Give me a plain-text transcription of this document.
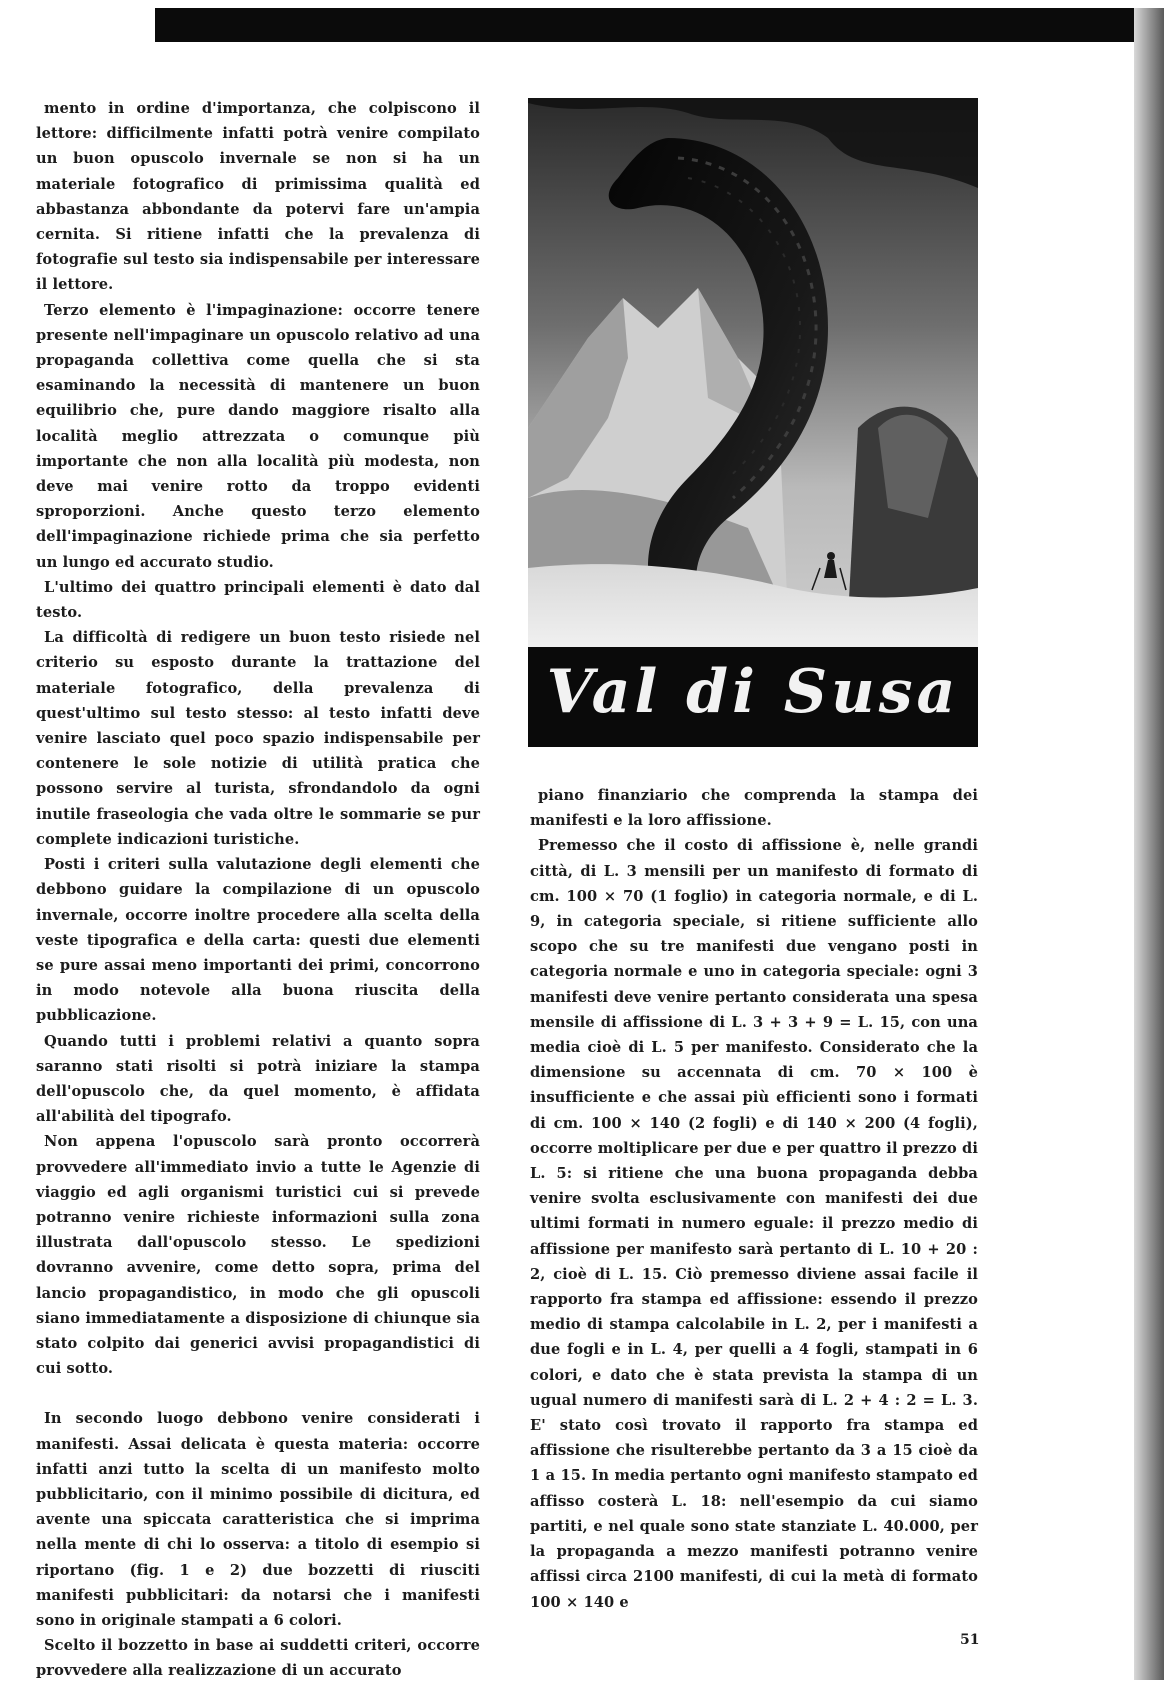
mento in ordine d'importanza, che colpiscono il lettore: difficilmente infatti potrà venire compilato un buon opuscolo invernale se non si ha un materiale fotografico di primissima qualità ed abbastanza abbondante da potervi fare un'ampia cernita. Si ritiene infatti che la prevalenza di fotografie sul testo sia indispensabile per interessare il lettore.

Terzo elemento è l'impaginazione: occorre tenere presente nell'impaginare un opuscolo relativo ad una propaganda collettiva come quella che si sta esaminando la necessità di mantenere un buon equilibrio che, pure dando maggiore risalto alla località meglio attrezzata o comunque più importante che non alla località più modesta, non deve mai venire rotto da troppo evidenti sproporzioni. Anche questo terzo elemento dell'impaginazione richiede prima che sia perfetto un lungo ed accurato studio.

L'ultimo dei quattro principali elementi è dato dal testo.

La difficoltà di redigere un buon testo risiede nel criterio su esposto durante la trattazione del materiale fotografico, della prevalenza di quest'ultimo sul testo stesso: al testo infatti deve venire lasciato quel poco spazio indispensabile per contenere le sole notizie di utilità pratica che possono servire al turista, sfrondandolo da ogni inutile fraseologia che vada oltre le sommarie se pur complete indicazioni turistiche.

Posti i criteri sulla valutazione degli elementi che debbono guidare la compilazione di un opuscolo invernale, occorre inoltre procedere alla scelta della veste tipografica e della carta: questi due elementi se pure assai meno importanti dei primi, concorrono in modo notevole alla buona riuscita della pubblicazione.

Quando tutti i problemi relativi a quanto sopra saranno stati risolti si potrà iniziare la stampa dell'opuscolo che, da quel momento, è affidata all'abilità del tipografo.

Non appena l'opuscolo sarà pronto occorrerà provvedere all'immediato invio a tutte le Agenzie di viaggio ed agli organismi turistici cui si prevede potranno venire richieste informazioni sulla zona illustrata dall'opuscolo stesso. Le spedizioni dovranno avvenire, come detto sopra, prima del lancio propagandistico, in modo che gli opuscoli siano immediatamente a disposizione di chiunque sia stato colpito dai generici avvisi propagandistici di cui sotto.

In secondo luogo debbono venire considerati i manifesti. Assai delicata è questa materia: occorre infatti anzi tutto la scelta di un manifesto molto pubblicitario, con il minimo possibile di dicitura, ed avente una spiccata caratteristica che si imprima nella mente di chi lo osserva: a titolo di esempio si riportano (fig. 1 e 2) due bozzetti di riusciti manifesti pubblicitari: da notarsi che i manifesti sono in originale stampati a 6 colori.

Scelto il bozzetto in base ai suddetti criteri, occorre provvedere alla realizzazione di un accurato

Val di Susa

piano finanziario che comprenda la stampa dei manifesti e la loro affissione.

Premesso che il costo di affissione è, nelle grandi città, di L. 3 mensili per un manifesto di formato di cm. 100 × 70 (1 foglio) in categoria normale, e di L. 9, in categoria speciale, si ritiene sufficiente allo scopo che su tre manifesti due vengano posti in categoria normale e uno in categoria speciale: ogni 3 manifesti deve venire pertanto considerata una spesa mensile di affissione di L. 3 + 3 + 9 = L. 15, con una media cioè di L. 5 per manifesto. Considerato che la dimensione su accennata di cm. 70 × 100 è insufficiente e che assai più efficienti sono i formati di cm. 100 × 140 (2 fogli) e di 140 × 200 (4 fogli), occorre moltiplicare per due e per quattro il prezzo di L. 5: si ritiene che una buona propaganda debba venire svolta esclusivamente con manifesti dei due ultimi formati in numero eguale: il prezzo medio di affissione per manifesto sarà pertanto di L. 10 + 20 : 2, cioè di L. 15. Ciò premesso diviene assai facile il rapporto fra stampa ed affissione: essendo il prezzo medio di stampa calcolabile in L. 2, per i manifesti a due fogli e in L. 4, per quelli a 4 fogli, stampati in 6 colori, e dato che è stata prevista la stampa di un ugual numero di manifesti sarà di L. 2 + 4 : 2 = L. 3. E' stato così trovato il rapporto fra stampa ed affissione che risulterebbe pertanto da 3 a 15 cioè da 1 a 15. In media pertanto ogni manifesto stampato ed affisso costerà L. 18: nell'esempio da cui siamo partiti, e nel quale sono state stanziate L. 40.000, per la propaganda a mezzo manifesti potranno venire affissi circa 2100 manifesti, di cui la metà di formato 100 × 140 e

51
